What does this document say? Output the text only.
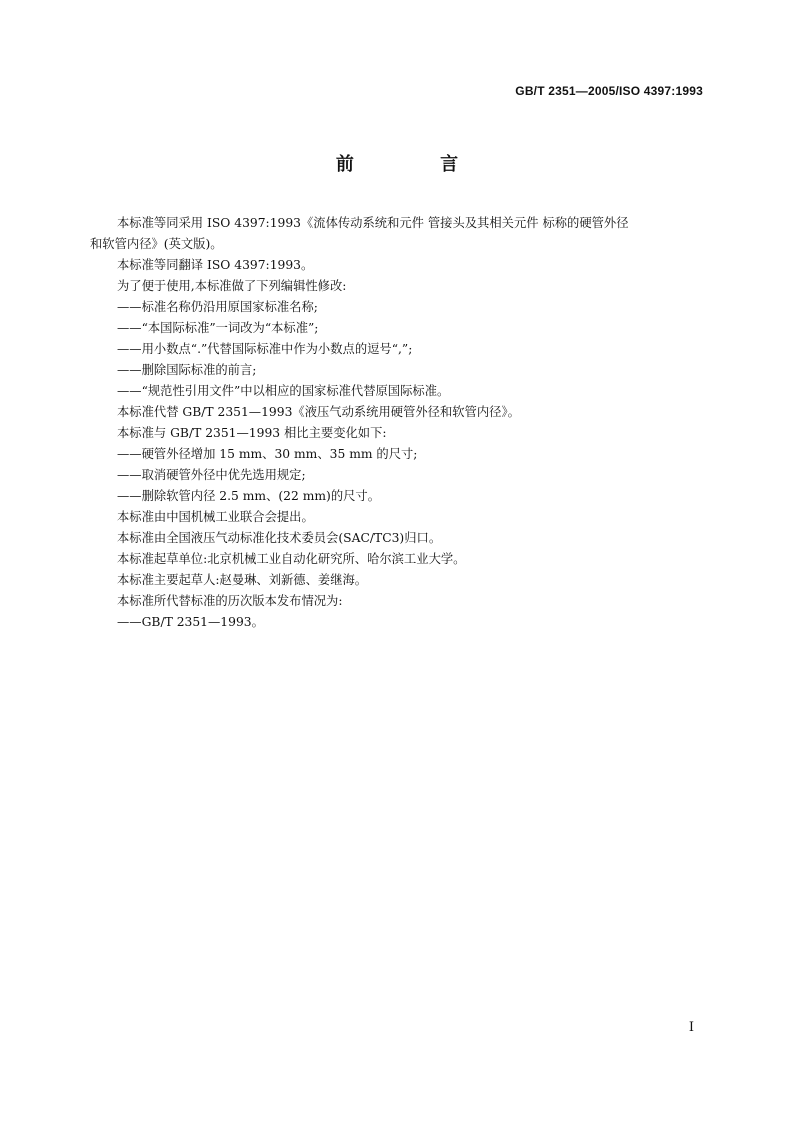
GB/T 2351—2005/ISO 4397:1993
前 言
本标准等同采用 ISO 4397:1993《流体传动系统和元件 管接头及其相关元件 标称的硬管外径
和软管内径》(英文版)。
本标准等同翻译 ISO 4397:1993。
为了便于使用,本标准做了下列编辑性修改:
——标准名称仍沿用原国家标准名称;
——“本国际标准”一词改为“本标准”;
——用小数点“.”代替国际标准中作为小数点的逗号“,”;
——删除国际标准的前言;
——“规范性引用文件”中以相应的国家标准代替原国际标准。
本标准代替 GB/T 2351—1993《液压气动系统用硬管外径和软管内径》。
本标准与 GB/T 2351—1993 相比主要变化如下:
——硬管外径增加 15 mm、30 mm、35 mm 的尺寸;
——取消硬管外径中优先选用规定;
——删除软管内径 2.5 mm、(22 mm)的尺寸。
本标准由中国机械工业联合会提出。
本标准由全国液压气动标准化技术委员会(SAC/TC3)归口。
本标准起草单位:北京机械工业自动化研究所、哈尔滨工业大学。
本标准主要起草人:赵曼琳、刘新德、姜继海。
本标准所代替标准的历次版本发布情况为:
——GB/T 2351—1993。
I
